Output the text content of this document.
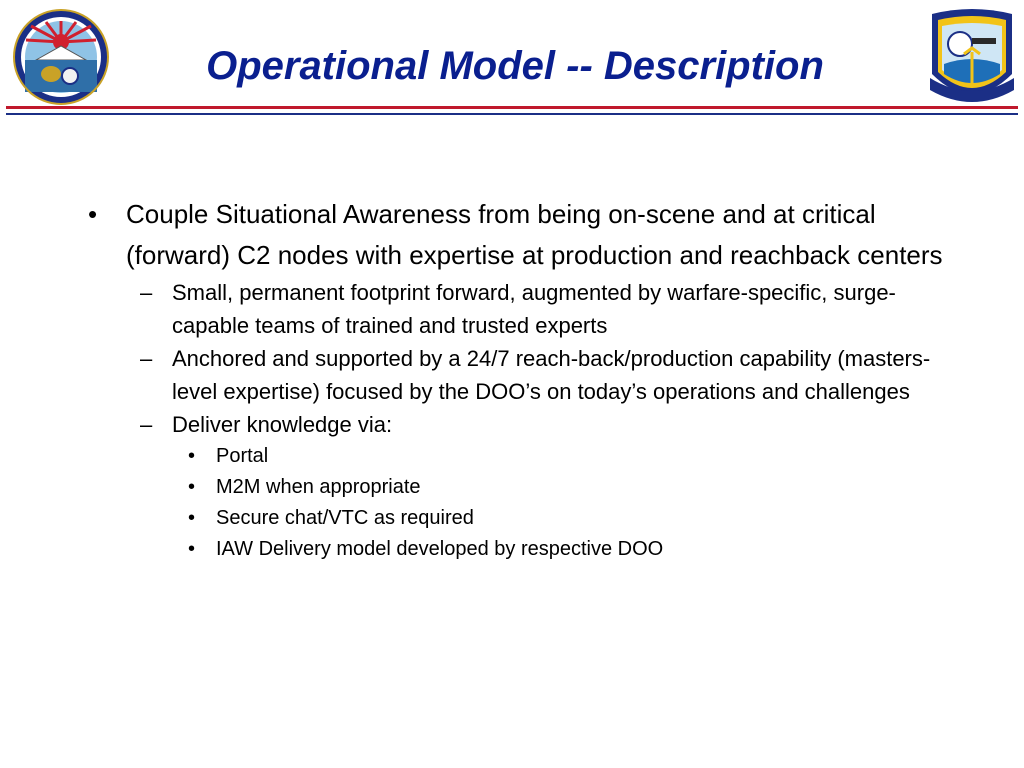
Operational Model -- Description
• Couple Situational Awareness from being on-scene and at critical (forward) C2 nodes with expertise at production and reachback centers
– Small, permanent footprint forward, augmented by warfare-specific, surge-capable teams of trained and trusted experts
– Anchored and supported by a 24/7 reach-back/production capability (masters-level expertise) focused by the DOO’s on today’s operations and challenges
– Deliver knowledge via:
• Portal
• M2M when appropriate
• Secure chat/VTC as required
• IAW Delivery model developed by respective DOO
